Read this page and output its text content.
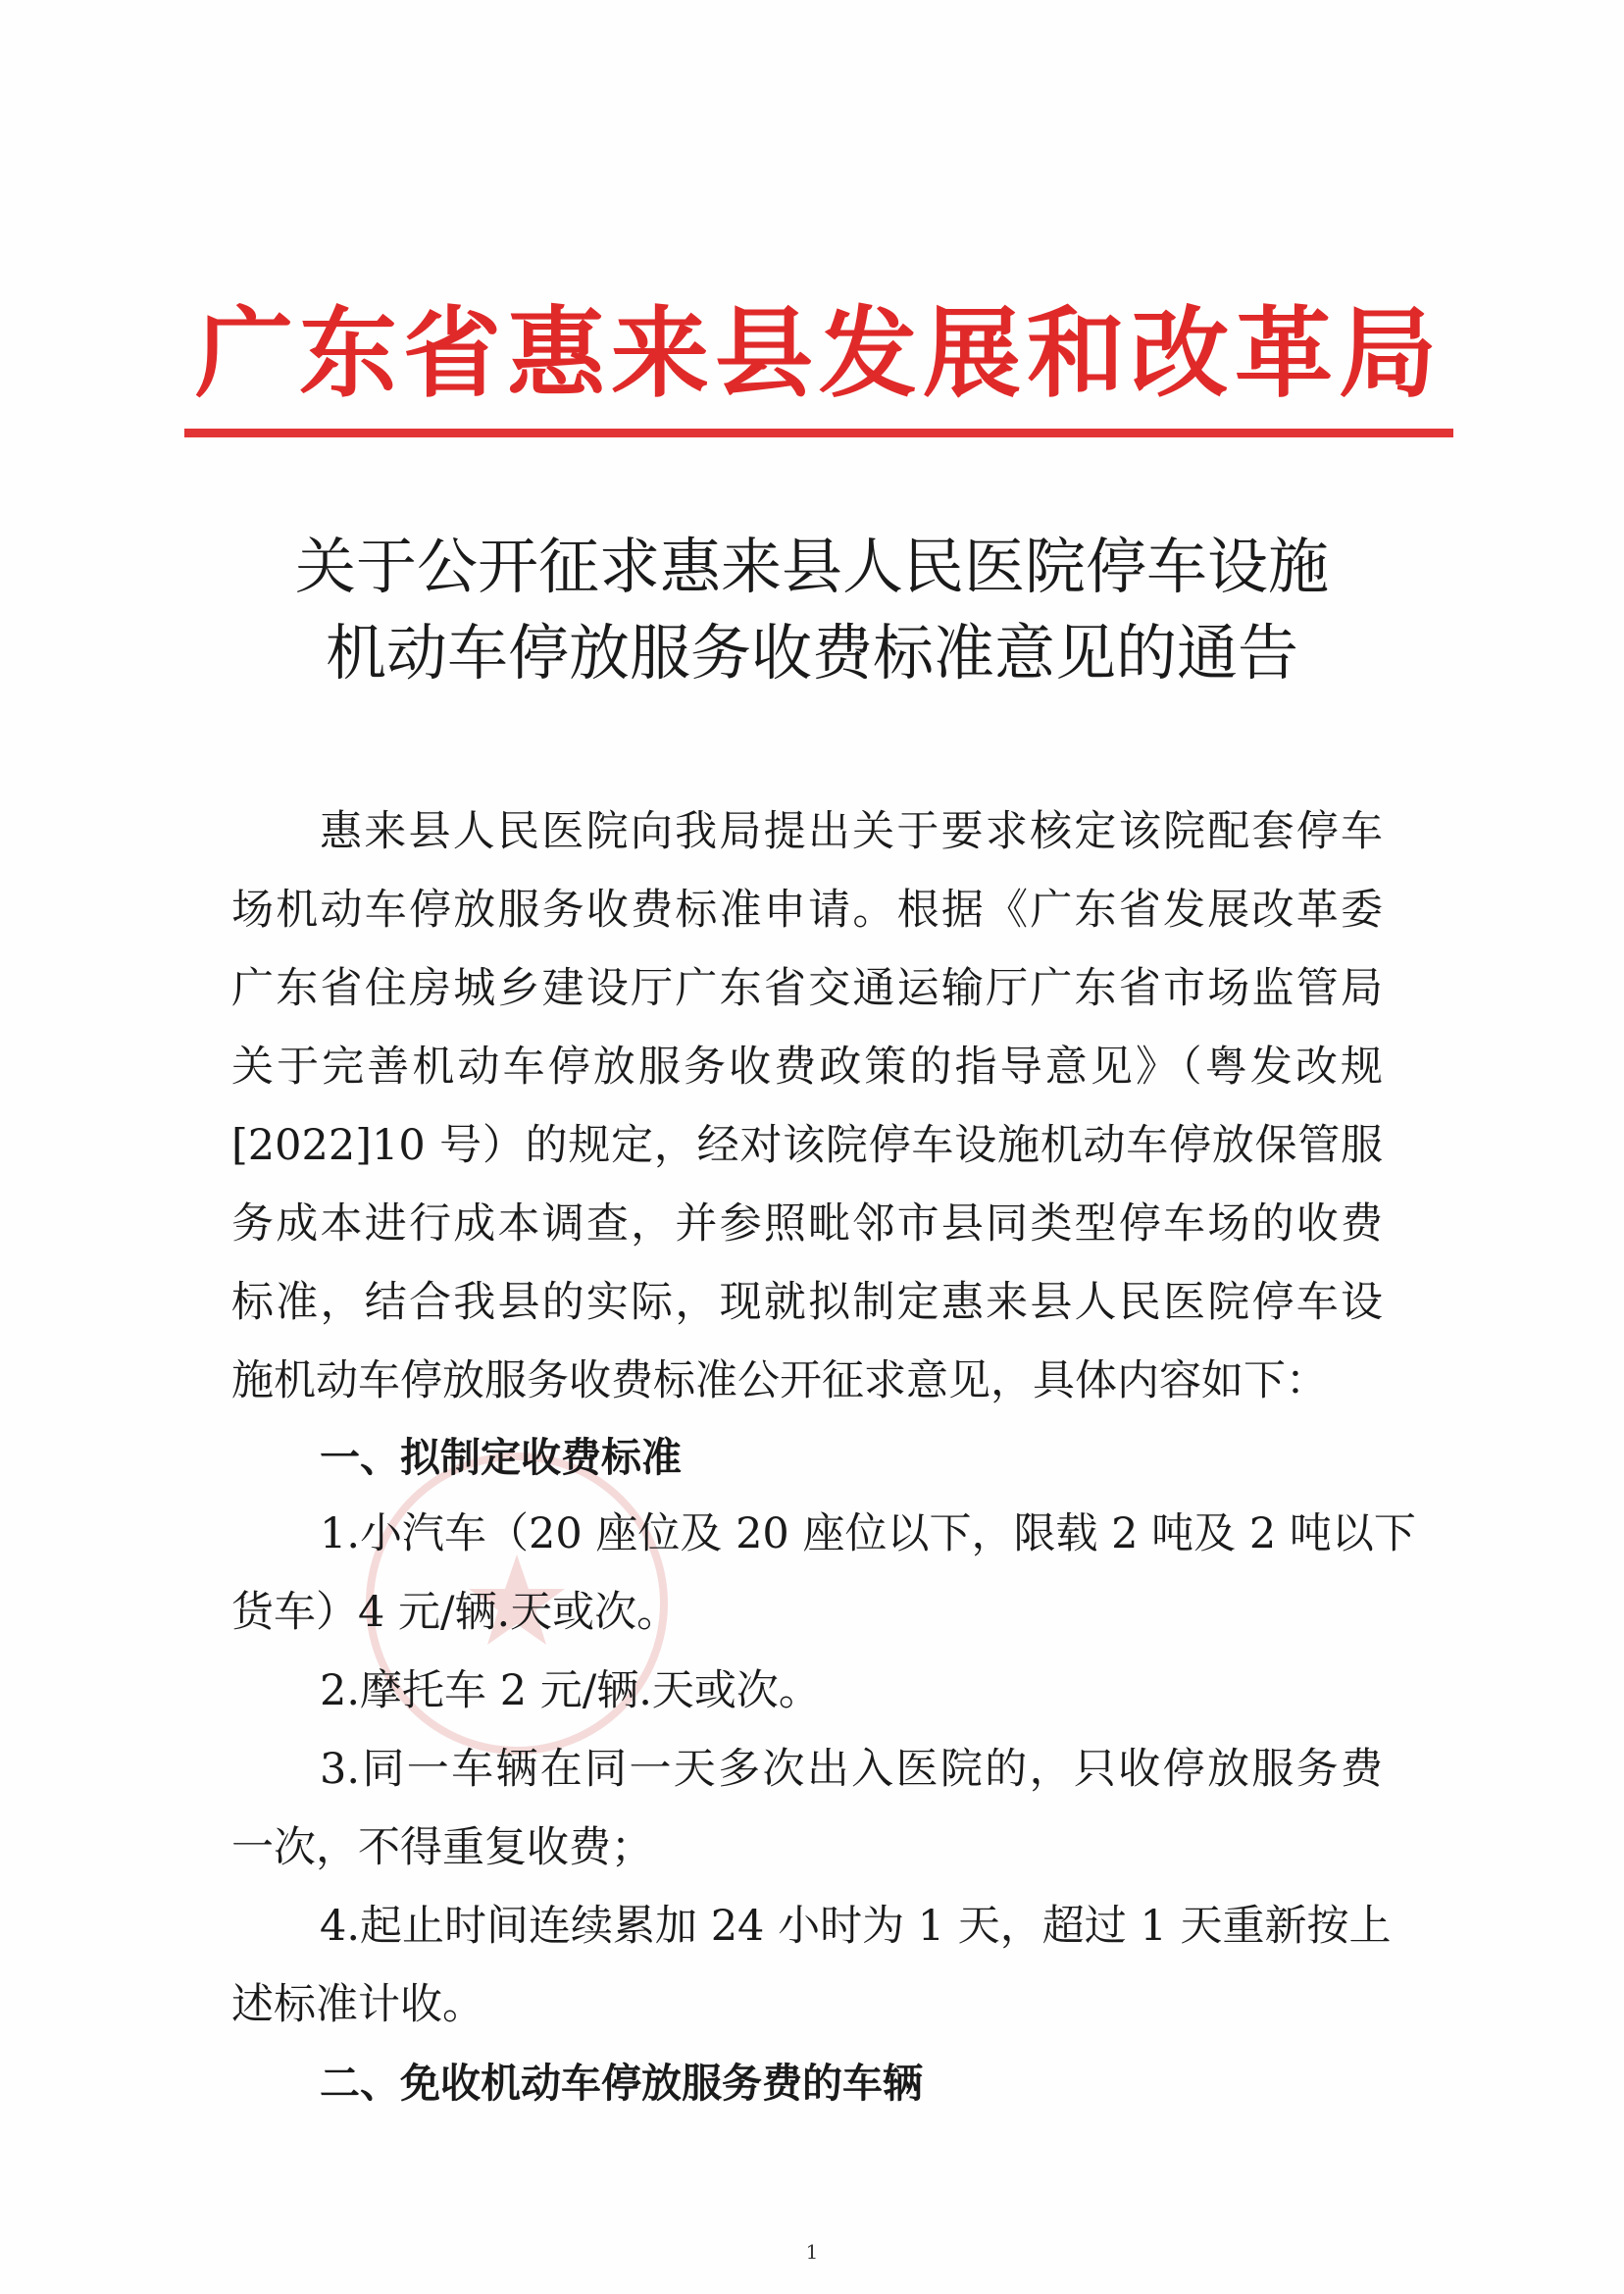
广东省惠来县发展和改革局
关于公开征求惠来县人民医院停车设施
机动车停放服务收费标准意见的通告
惠来县人民医院向我局提出关于要求核定该院配套停车
场机动车停放服务收费标准申请。根据《广东省发展改革委
广东省住房城乡建设厅广东省交通运输厅广东省市场监管局
关于完善机动车停放服务收费政策的指导意见》（粤发改规
[2022]10 号）的规定，经对该院停车设施机动车停放保管服
务成本进行成本调查，并参照毗邻市县同类型停车场的收费
标准，结合我县的实际，现就拟制定惠来县人民医院停车设
施机动车停放服务收费标准公开征求意见，具体内容如下：
一、拟制定收费标准
1.小汽车（20 座位及 20 座位以下，限载 2 吨及 2 吨以下
货车）4 元/辆.天或次。
2.摩托车 2 元/辆.天或次。
3.同一车辆在同一天多次出入医院的，只收停放服务费
一次，不得重复收费；
4.起止时间连续累加 24 小时为 1 天，超过 1 天重新按上
述标准计收。
二、免收机动车停放服务费的车辆
1
